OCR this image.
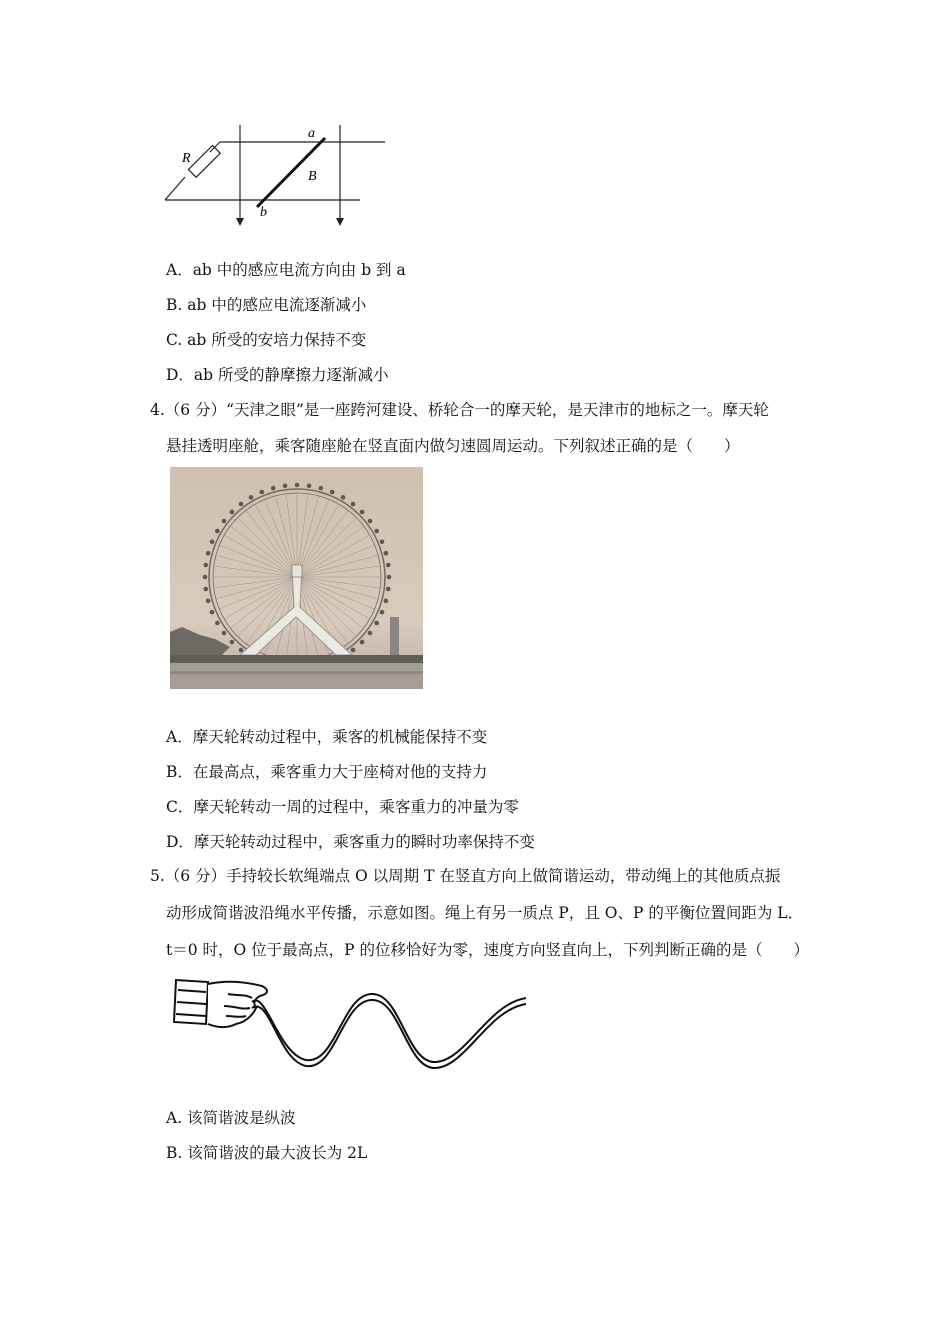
R
a
b
B
A．ab 中的感应电流方向由 b 到 a
B. ab 中的感应电流逐渐减小
C. ab 所受的安培力保持不变
D．ab 所受的静摩擦力逐渐减小
4.（6 分）“天津之眼”是一座跨河建设、桥轮合一的摩天轮，是天津市的地标之一。摩天轮
悬挂透明座舱，乘客随座舱在竖直面内做匀速圆周运动。下列叙述正确的是（　　）
A．摩天轮转动过程中，乘客的机械能保持不变
B．在最高点，乘客重力大于座椅对他的支持力
C．摩天轮转动一周的过程中，乘客重力的冲量为零
D．摩天轮转动过程中，乘客重力的瞬时功率保持不变
5.（6 分）手持较长软绳端点 O 以周期 T 在竖直方向上做简谐运动，带动绳上的其他质点振
动形成简谐波沿绳水平传播，示意如图。绳上有另一质点 P，且 O、P 的平衡位置间距为 L．
t＝0 时，O 位于最高点，P 的位移恰好为零，速度方向竖直向上，下列判断正确的是（　　）
A. 该简谐波是纵波
B. 该简谐波的最大波长为 2L
